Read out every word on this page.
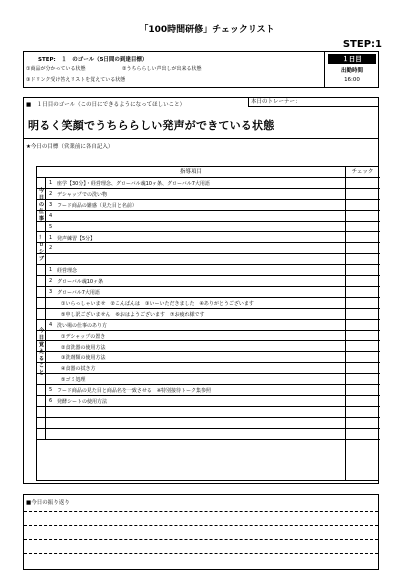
「100時間研修」チェックリスト
STEP:1
STEP:　１　のゴール（5日間の到達目標）
①商品が分かっている状態	②うちららしい声出しが出来る状態
③ドリンク受け答えリストを覚えている状態
１日目
出勤時間
16:00
■　１日目のゴール（この日にできるようになってほしいこと）	本日のトレーナー：
明るく笑顔でうちららしい発声ができている状態
★今日の目標（営業前に各自記入）
指導項目	チェック
1 座学【30分】・経営理念、グローバル魂10ヶ条、グローバル7大用語
2 デシャップでの洗い物
3 フード商品の雑感（見た目と名前）
4
5
今
日
の
仕
事
1 発声練習【5分】
2
！
ロ
シ
ブ
1 経営理念
2 グローバル魂10ヶ条
3 グローバル7大用語
①いらっしゃいませ　②こんばんは　③いーいただきました　④ありがとうございます
⑤申し訳ございません　⑥おはようございます　⑦お疲れ様です
4 洗い場の仕事のあり方
①デシャップの置き
②食洗器の使用方法
③洗剤類の使用方法
④食器の拭き方
⑤ゴミ処理
5 フード商品の見た目と商品名を一致させる　※特別接待トーク集参照
6 発酵シートの使用方法
今
日
覚
え
る
こ
と
■今日の振り返り
